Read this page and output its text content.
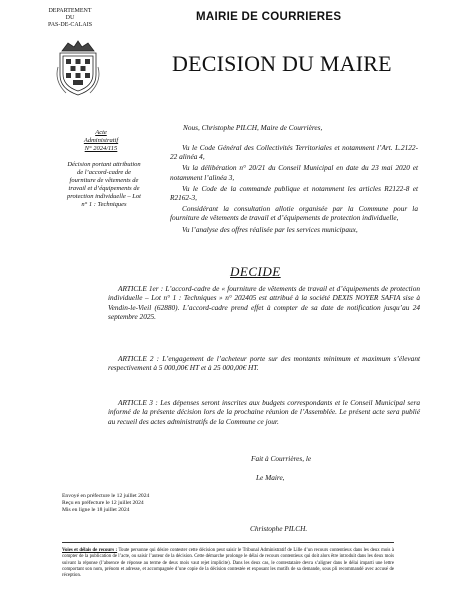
DEPARTEMENT
DU
PAS-DE-CALAIS
MAIRIE DE COURRIERES
DECISION DU MAIRE
Acte
Administratif
N° 2024/115
Décision portant attribution de l’accord-cadre de fourniture de vêtements de travail et d’équipements de protection individuelle – Lot n° 1 : Techniques
Nous, Christophe PILCH, Maire de Courrières,

Vu le Code Général des Collectivités Territoriales et notamment l’Art. L.2122-22 alinéa 4,

Vu la délibération n° 20/21 du Conseil Municipal en date du 23 mai 2020 et notamment l’alinéa 3,

Vu le Code de la commande publique et notamment les articles R2122-8 et R2162-3,

Considérant la consultation allotie organisée par la Commune pour la fourniture de vêtements de travail et d’équipements de protection individuelle,

Vu l’analyse des offres réalisée par les services municipaux,

DECIDE

ARTICLE 1er : L’accord-cadre de « fourniture de vêtements de travail et d’équipements de protection individuelle – Lot n° 1 : Techniques » n° 202405 est attribué à la société DEXIS NOYER SAFIA sise à Vendin-le-Vieil (62880). L’accord-cadre prend effet à compter de sa date de notification jusqu’au 24 septembre 2025.

ARTICLE 2 : L’engagement de l’acheteur porte sur des montants minimum et maximum s’élevant respectivement à 5 000,00€ HT et à 25 000,00€ HT.

ARTICLE 3 : Les dépenses seront inscrites aux budgets correspondants et le Conseil Municipal sera informé de la présente décision lors de la prochaine réunion de l’Assemblée. Le présent acte sera publié au recueil des actes administratifs de la Commune ce jour.

Fait à Courrières, le
Le Maire,
Christophe PILCH.
Envoyé en préfecture le 12 juillet 2024
Reçu en préfecture le 12 juillet 2024
Mis en ligne le 18 juillet 2024
Voies et délais de recours : Toute personne qui désire contester cette décision peut saisir le Tribunal Administratif de Lille d’un recours contentieux dans les deux mois à compter de la publication de l’acte, ou saisir l’auteur de la décision. Cette démarche prolonge le délai de recours contentieux qui doit alors être introduit dans les deux mois suivant la réponse (l’absence de réponse au terme de deux mois vaut rejet implicite). Dans les deux cas, le contestataire devra s’aligner dans le délai imparti une lettre comportant son nom, prénom et adresse, et accompagnée d’une copie de la décision contestée et exposant les motifs de sa demande, sous pli recommandé avec accusé de réception.
